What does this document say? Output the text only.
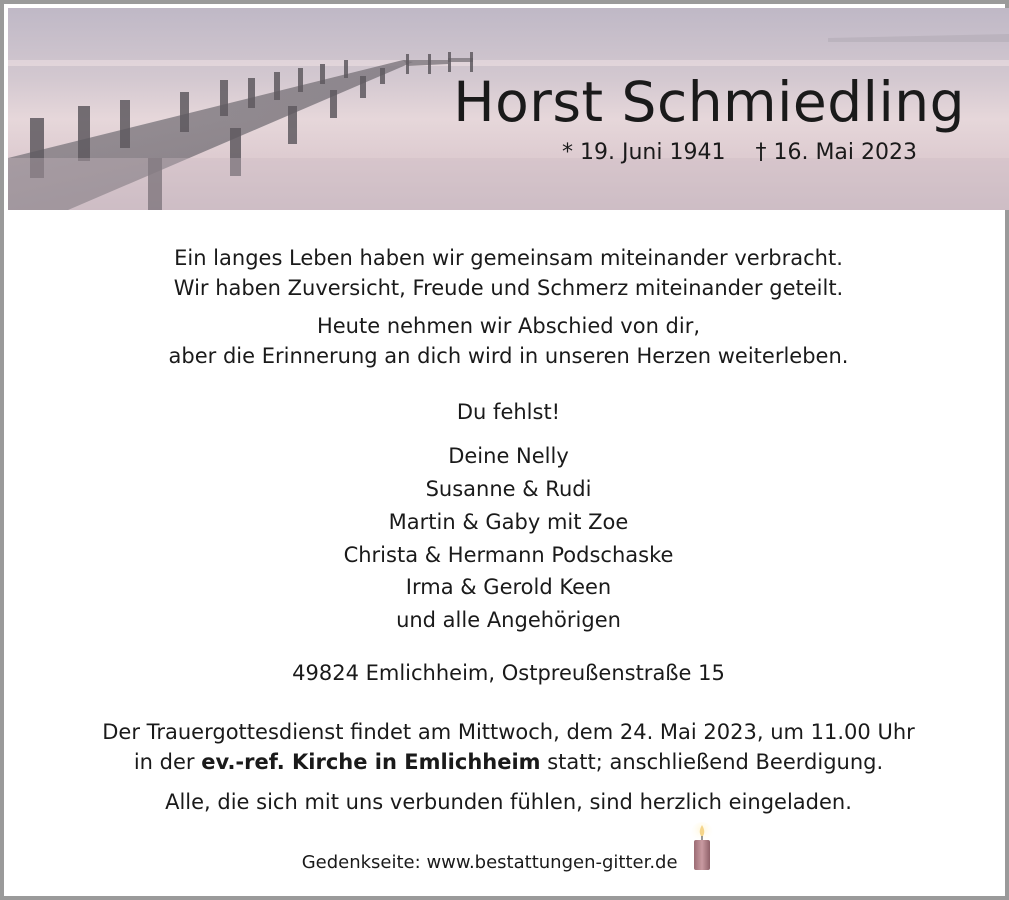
Horst Schmiedling
* 19. Juni 1941 † 16. Mai 2023
Ein langes Leben haben wir gemeinsam miteinander verbracht.
Wir haben Zuversicht, Freude und Schmerz miteinander geteilt.
Heute nehmen wir Abschied von dir,
aber die Erinnerung an dich wird in unseren Herzen weiterleben.
Du fehlst!
Deine Nelly
Susanne & Rudi
Martin & Gaby mit Zoe
Christa & Hermann Podschaske
Irma & Gerold Keen
und alle Angehörigen
49824 Emlichheim, Ostpreußenstraße 15
Der Trauergottesdienst findet am Mittwoch, dem 24. Mai 2023, um 11.00 Uhr
in der ev.-ref. Kirche in Emlichheim statt; anschließend Beerdigung.
Alle, die sich mit uns verbunden fühlen, sind herzlich eingeladen.
Gedenkseite: www.bestattungen-gitter.de
